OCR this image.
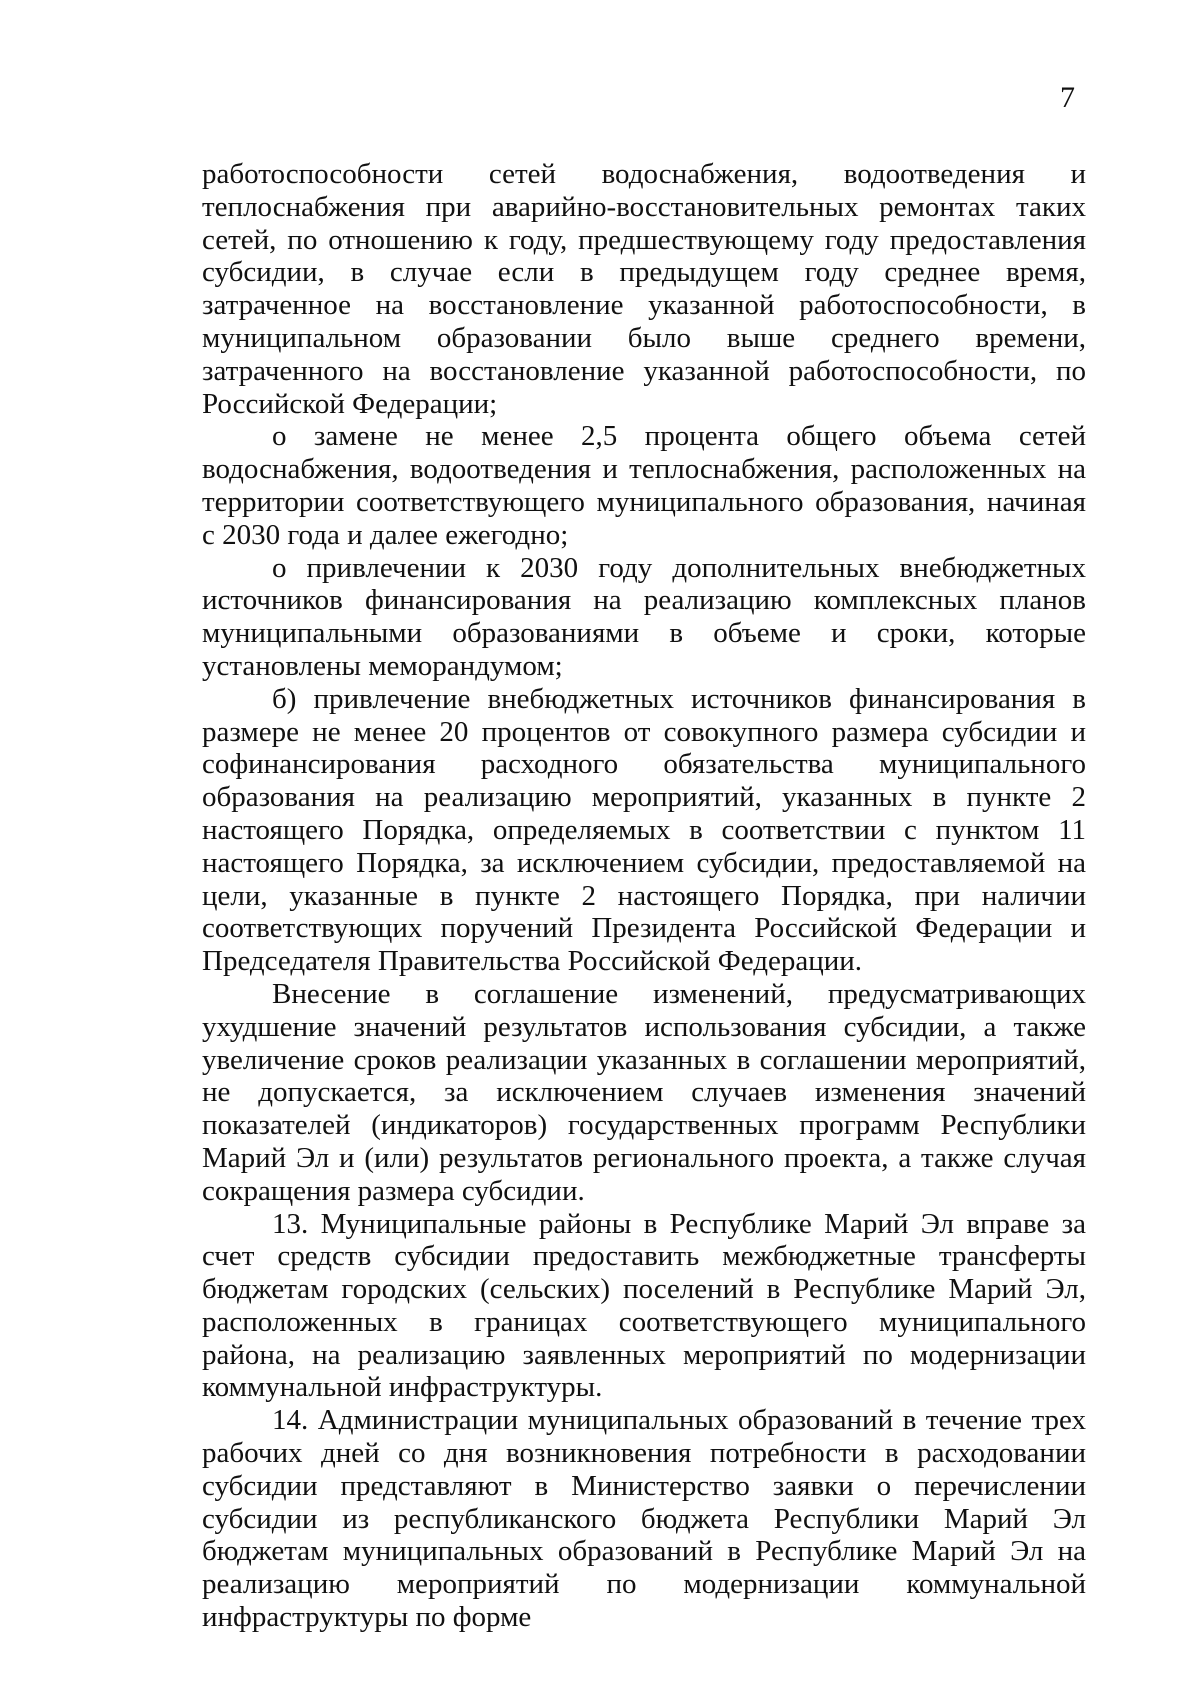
7

работоспособности сетей водоснабжения, водоотведения и теплоснабжения при аварийно-восстановительных ремонтах таких сетей, по отношению к году, предшествующему году предоставления субсидии, в случае если в предыдущем году среднее время, затраченное на восстановление указанной работоспособности, в муниципальном образовании было выше среднего времени, затраченного на восстановление указанной работоспособности, по Российской Федерации;

о замене не менее 2,5 процента общего объема сетей водоснабжения, водоотведения и теплоснабжения, расположенных на территории соответствующего муниципального образования, начиная с 2030 года и далее ежегодно;

о привлечении к 2030 году дополнительных внебюджетных источников финансирования на реализацию комплексных планов муниципальными образованиями в объеме и сроки, которые установлены меморандумом;

б) привлечение внебюджетных источников финансирования в размере не менее 20 процентов от совокупного размера субсидии и софинансирования расходного обязательства муниципального образования на реализацию мероприятий, указанных в пункте 2 настоящего Порядка, определяемых в соответствии с пунктом 11 настоящего Порядка, за исключением субсидии, предоставляемой на цели, указанные в пункте 2 настоящего Порядка, при наличии соответствующих поручений Президента Российской Федерации и Председателя Правительства Российской Федерации.

Внесение в соглашение изменений, предусматривающих ухудшение значений результатов использования субсидии, а также увеличение сроков реализации указанных в соглашении мероприятий, не допускается, за исключением случаев изменения значений показателей (индикаторов) государственных программ Республики Марий Эл и (или) результатов регионального проекта, а также случая сокращения размера субсидии.

13. Муниципальные районы в Республике Марий Эл вправе за счет средств субсидии предоставить межбюджетные трансферты бюджетам городских (сельских) поселений в Республике Марий Эл, расположенных в границах соответствующего муниципального района, на реализацию заявленных мероприятий по модернизации коммунальной инфраструктуры.

14. Администрации муниципальных образований в течение трех рабочих дней со дня возникновения потребности в расходовании субсидии представляют в Министерство заявки о перечислении субсидии из республиканского бюджета Республики Марий Эл бюджетам муниципальных образований в Республике Марий Эл на реализацию мероприятий по модернизации коммунальной инфраструктуры по форме
